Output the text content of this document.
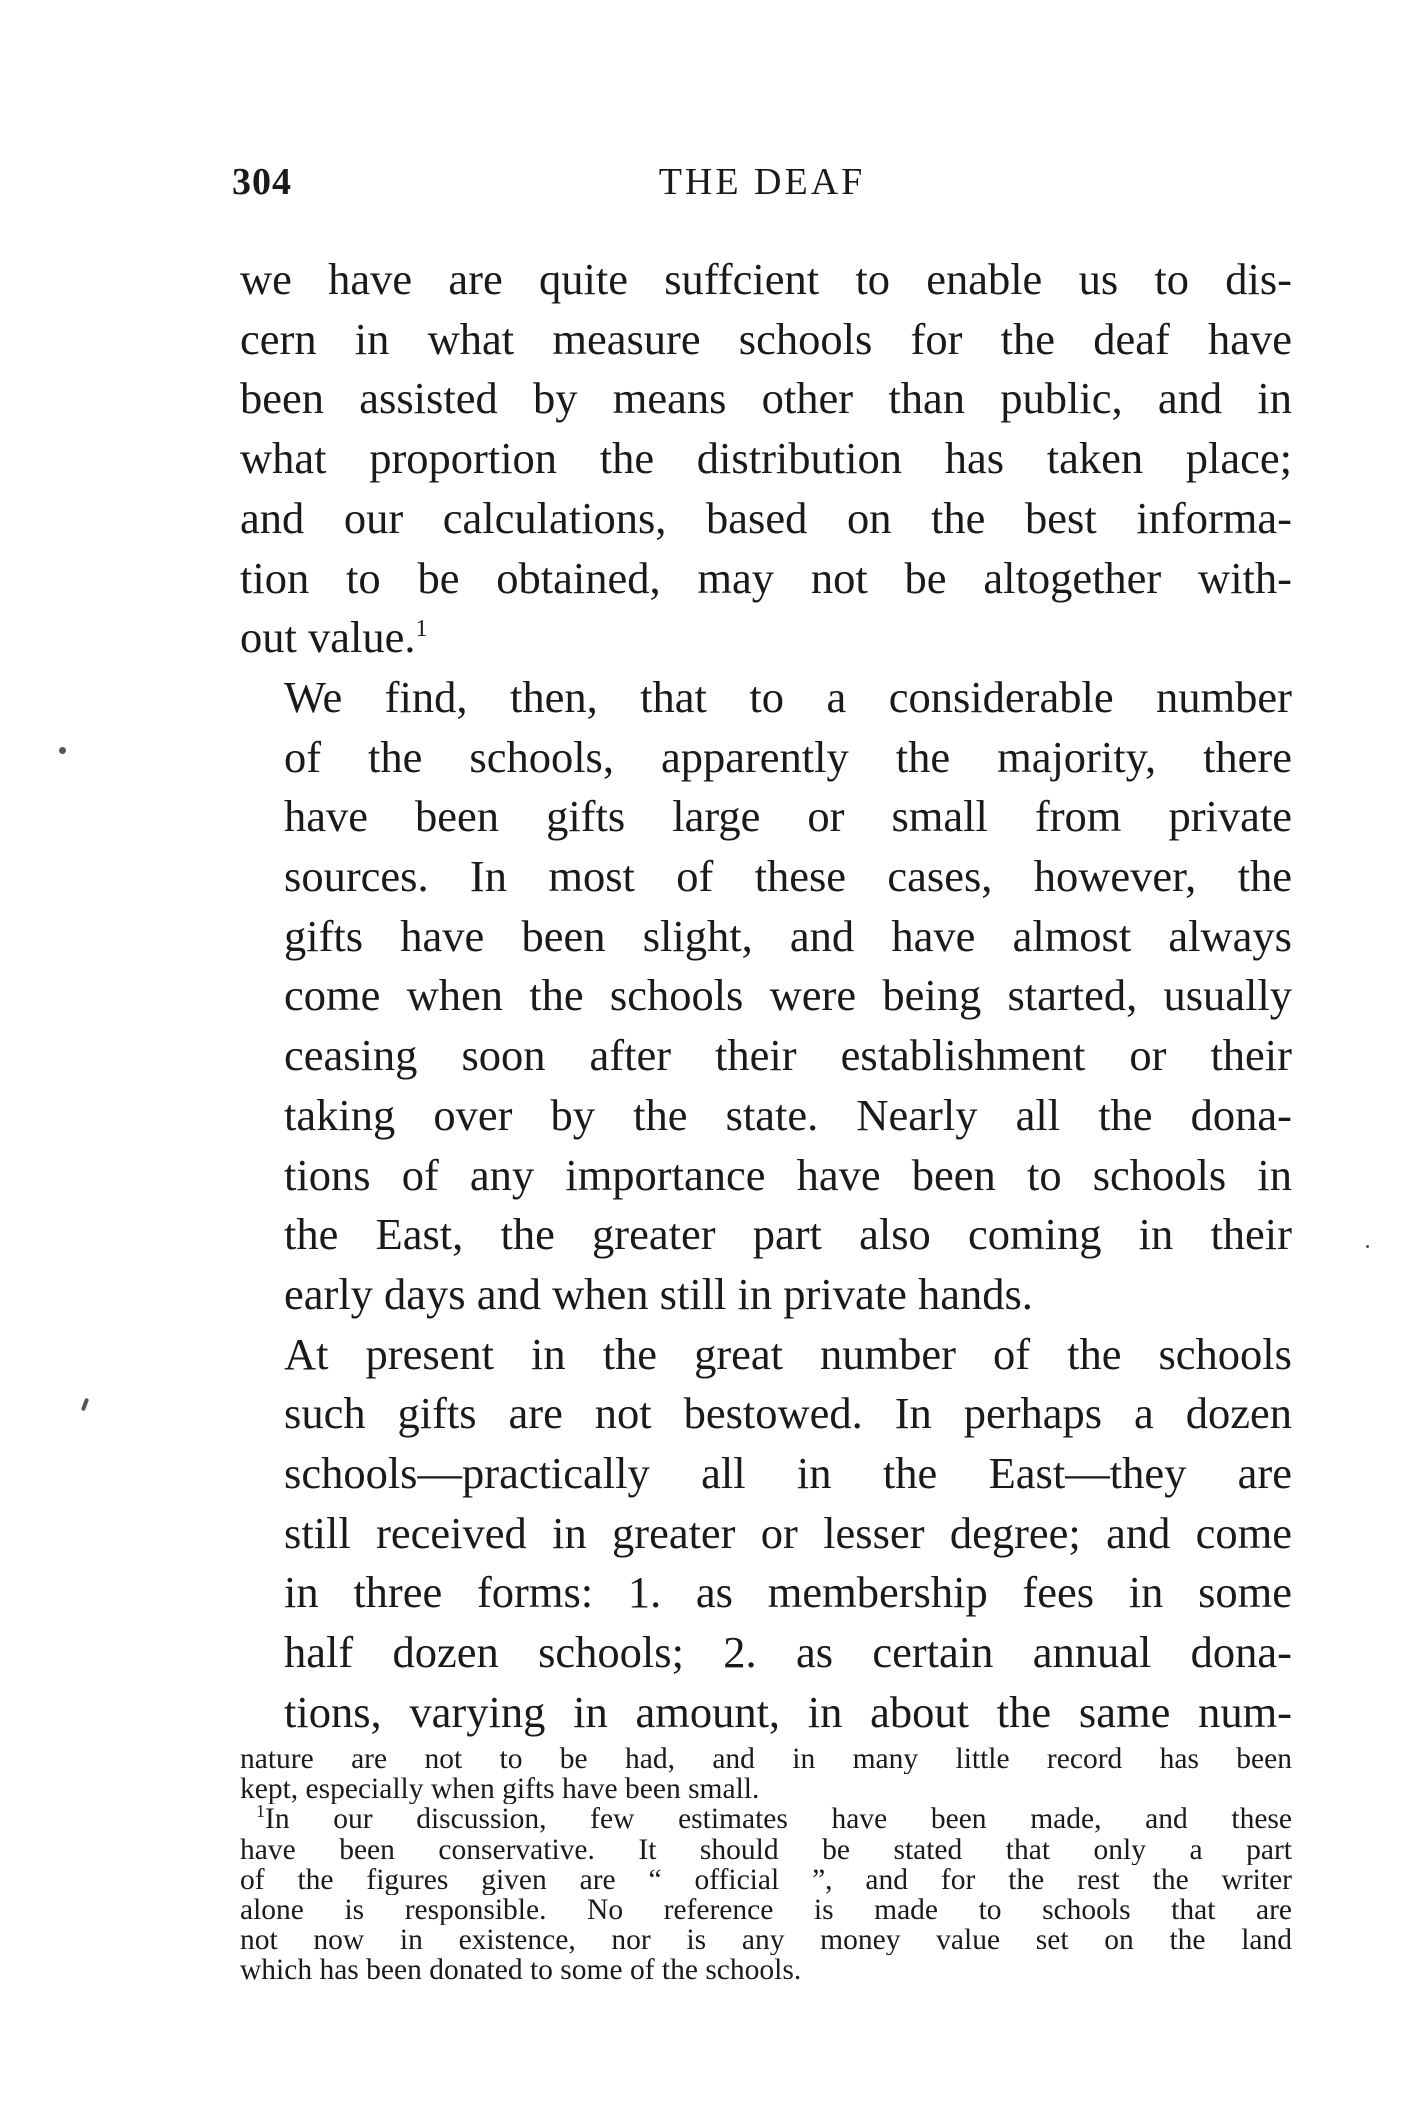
304	THE DEAF

we have are quite suffcient to enable us to dis-
cern in what measure schools for the deaf have
been assisted by means other than public, and in
what proportion the distribution has taken place;
and our calculations, based on the best informa-
tion to be obtained, may not be altogether with-
out value.$^1$

We find, then, that to a considerable number
of the schools, apparently the majority, there
have been gifts large or small from private
sources. In most of these cases, however, the
gifts have been slight, and have almost always
come when the schools were being started, usually
ceasing soon after their establishment or their
taking over by the state. Nearly all the dona-
tions of any importance have been to schools in
the East, the greater part also coming in their
early days and when still in private hands.

At present in the great number of the schools
such gifts are not bestowed. In perhaps a dozen
schools—practically all in the East—they are
still received in greater or lesser degree; and come
in three forms: 1. as membership fees in some
half dozen schools; 2. as certain annual dona-
tions, varying in amount, in about the same num-

nature are not to be had, and in many little record has been
kept, especially when gifts have been small.
$^1$In our discussion, few estimates have been made, and these
have been conservative. It should be stated that only a part
of the figures given are “ official ”, and for the rest the writer
alone is responsible. No reference is made to schools that are
not now in existence, nor is any money value set on the land
which has been donated to some of the schools.
